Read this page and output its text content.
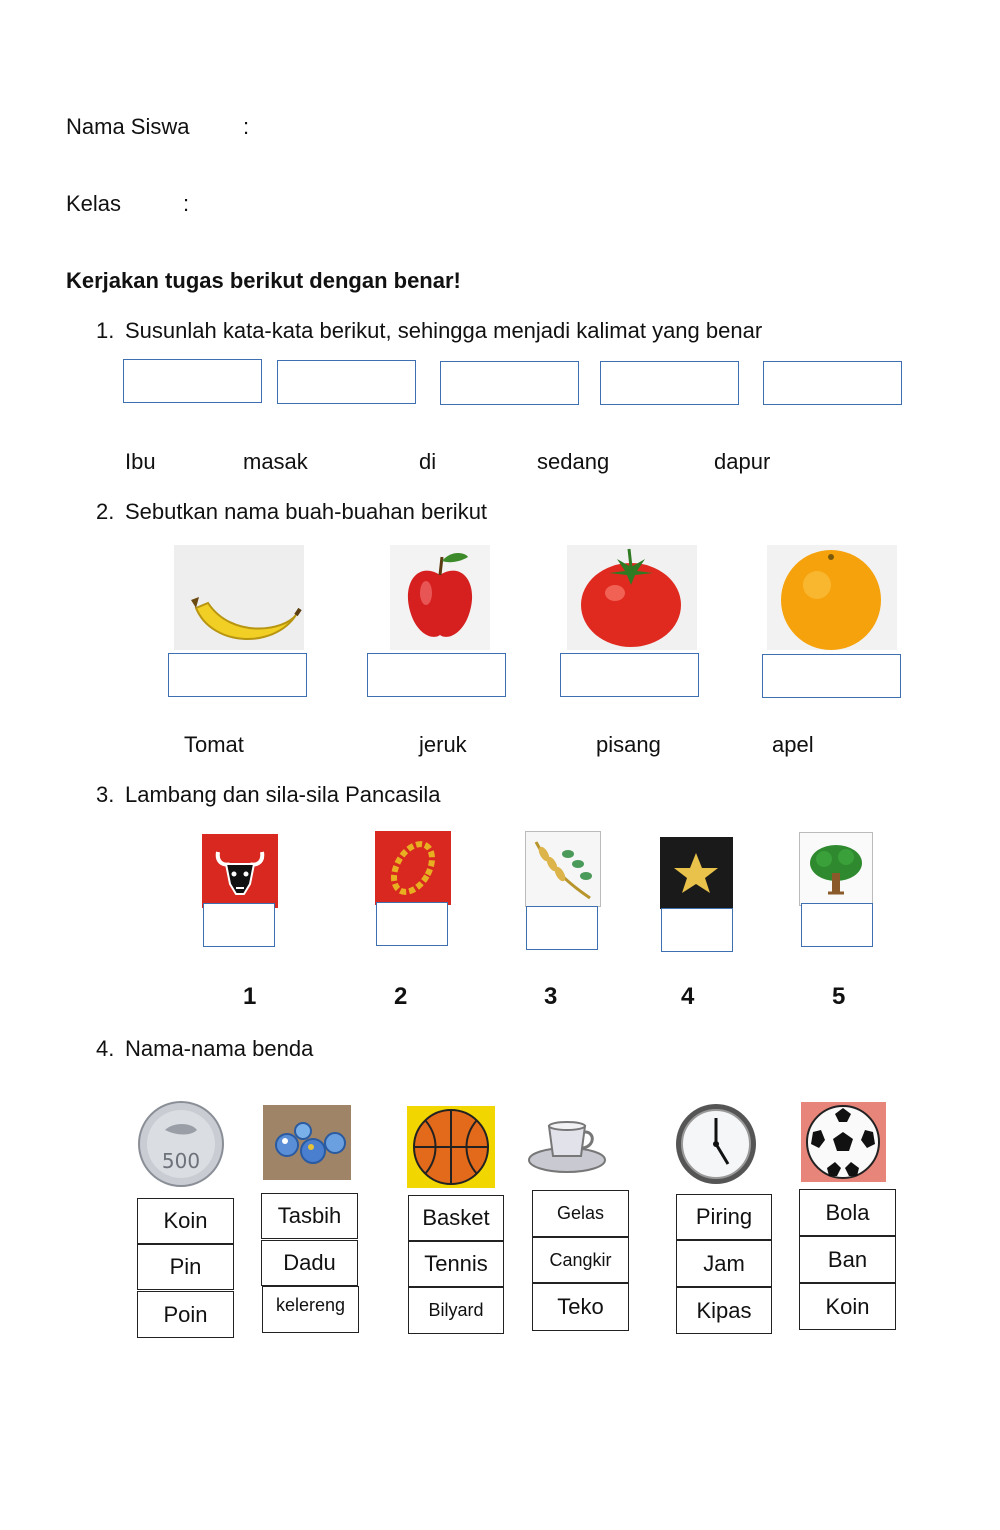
Nama Siswa :
Kelas	:
Kerjakan tugas berikut dengan benar!
1. Susunlah kata-kata berikut, sehingga menjadi kalimat yang benar
Ibu	masak	di	sedang	dapur
2. Sebutkan nama buah-buahan berikut
Tomat	jeruk	pisang	apel
3. Lambang dan sila-sila Pancasila
1	2	3	4	5
4. Nama-nama benda
500
Koin
Pin
Poin
Tasbih
Dadu
kelereng
Basket
Tennis
Bilyard
Gelas
Cangkir
Teko
Piring
Jam
Kipas
Bola
Ban
Koin
